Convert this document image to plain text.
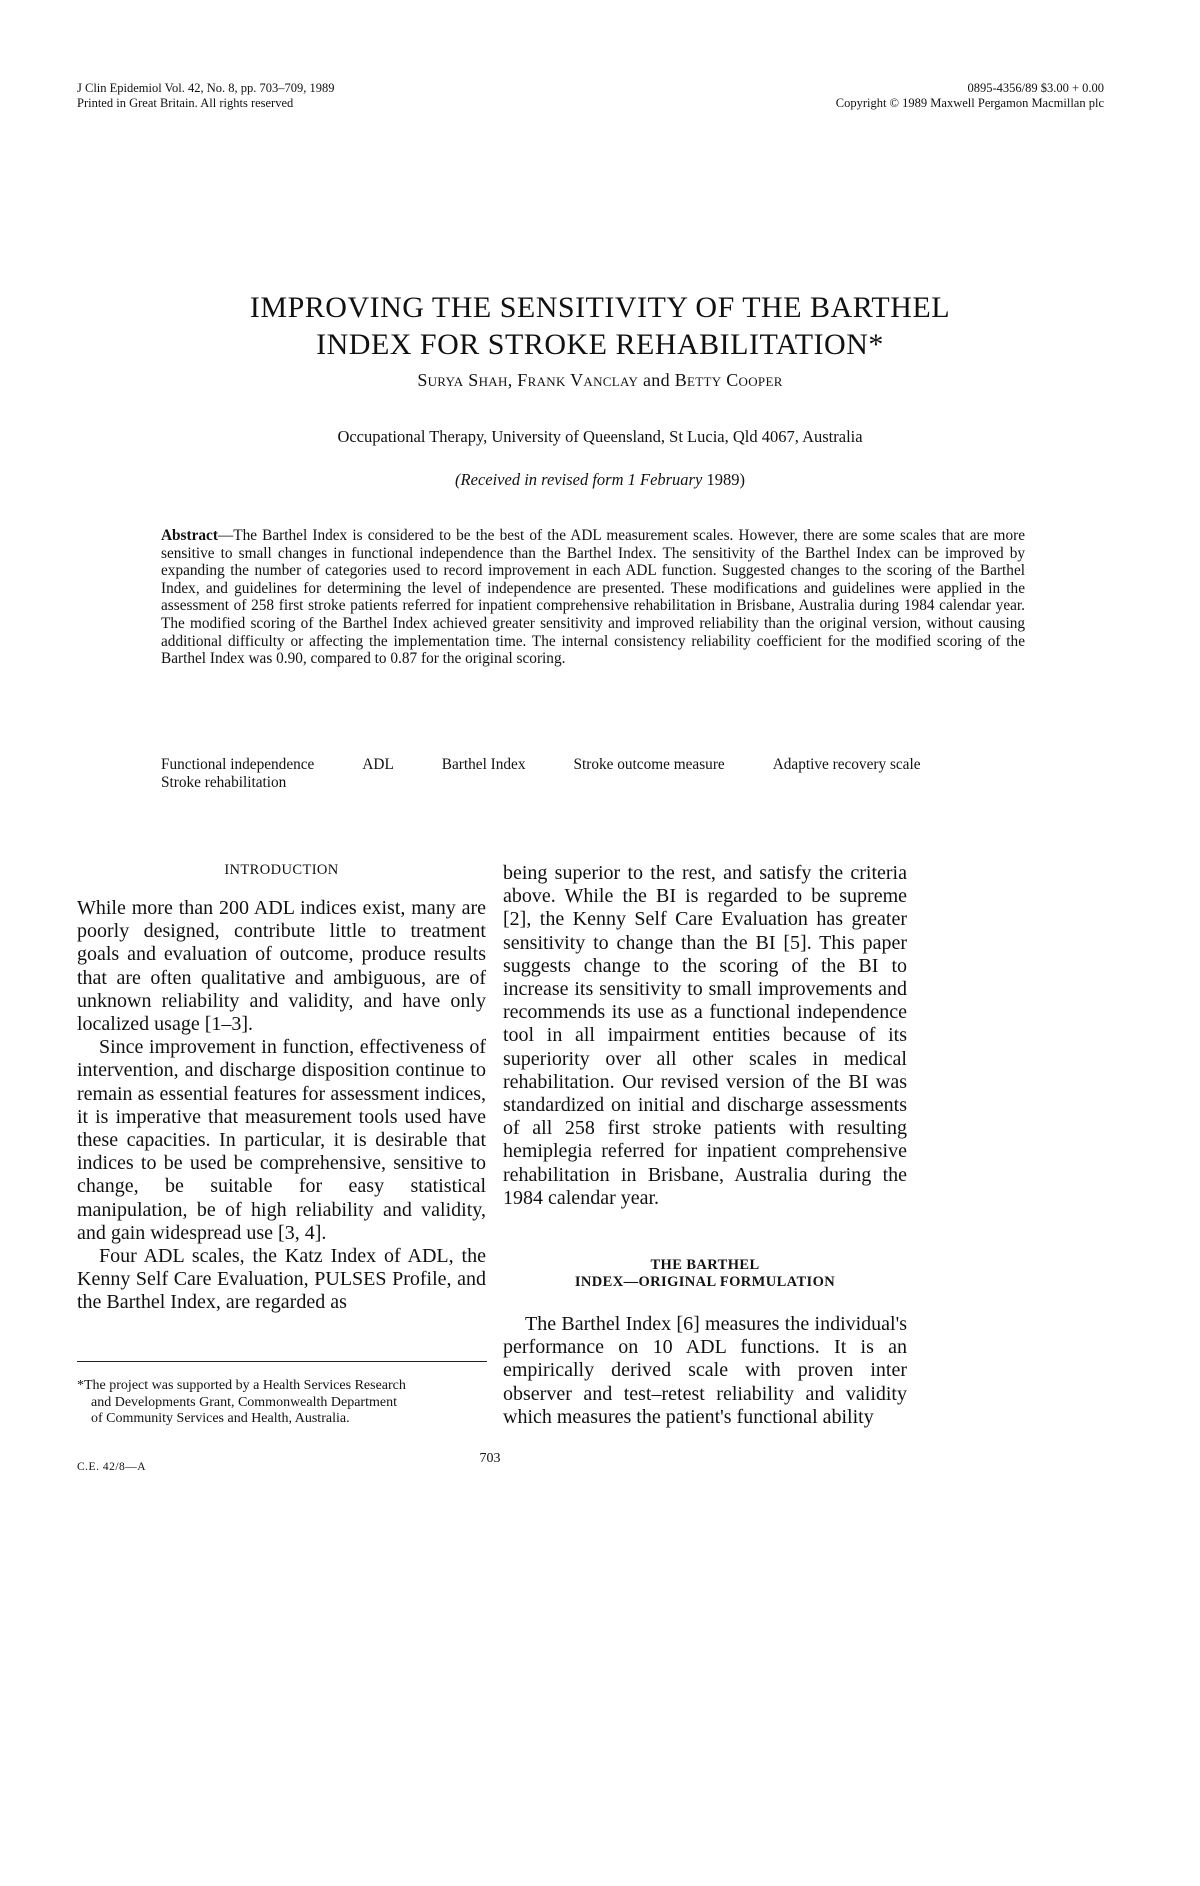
J Clin Epidemiol Vol. 42, No. 8, pp. 703–709, 1989
Printed in Great Britain. All rights reserved
0895-4356/89 $3.00 + 0.00
Copyright © 1989 Maxwell Pergamon Macmillan plc
IMPROVING THE SENSITIVITY OF THE BARTHEL
INDEX FOR STROKE REHABILITATION*
Surya Shah, Frank Vanclay and Betty Cooper
Occupational Therapy, University of Queensland, St Lucia, Qld 4067, Australia
(Received in revised form 1 February 1989)
Abstract—The Barthel Index is considered to be the best of the ADL measurement scales. However, there are some scales that are more sensitive to small changes in functional independence than the Barthel Index. The sensitivity of the Barthel Index can be improved by expanding the number of categories used to record improvement in each ADL function. Suggested changes to the scoring of the Barthel Index, and guidelines for determining the level of independence are presented. These modifications and guidelines were applied in the assessment of 258 first stroke patients referred for inpatient comprehensive rehabilitation in Brisbane, Australia during 1984 calendar year. The modified scoring of the Barthel Index achieved greater sensitivity and improved reliability than the original version, without causing additional difficulty or affecting the implementation time. The internal consistency reliability coefficient for the modified scoring of the Barthel Index was 0.90, compared to 0.87 for the original scoring.
Functional independence	ADL	Barthel Index	Stroke outcome measure	Adaptive recovery scaleStroke rehabilitation
INTRODUCTION

While more than 200 ADL indices exist, many are poorly designed, contribute little to treatment goals and evaluation of outcome, produce results that are often qualitative and ambiguous, are of unknown reliability and validity, and have only localized usage [1–3].

Since improvement in function, effectiveness of intervention, and discharge disposition continue to remain as essential features for assessment indices, it is imperative that measurement tools used have these capacities. In particular, it is desirable that indices to be used be comprehensive, sensitive to change, be suitable for easy statistical manipulation, be of high reliability and validity, and gain widespread use [3, 4].

Four ADL scales, the Katz Index of ADL, the Kenny Self Care Evaluation, PULSES Profile, and the Barthel Index, are regarded as

being superior to the rest, and satisfy the criteria above. While the BI is regarded to be supreme [2], the Kenny Self Care Evaluation has greater sensitivity to change than the BI [5]. This paper suggests change to the scoring of the BI to increase its sensitivity to small improvements and recommends its use as a functional independence tool in all impairment entities because of its superiority over all other scales in medical rehabilitation. Our revised version of the BI was standardized on initial and discharge assessments of all 258 first stroke patients with resulting hemiplegia referred for inpatient comprehensive rehabilitation in Brisbane, Australia during the 1984 calendar year.

THE BARTHEL
INDEX—ORIGINAL FORMULATION

The Barthel Index [6] measures the individual's performance on 10 ADL functions. It is an empirically derived scale with proven inter observer and test–retest reliability and validity which measures the patient's functional ability

*The project was supported by a Health Services Research
and Developments Grant, Commonwealth Department
of Community Services and Health, Australia.
C.E. 42/8—A
703
